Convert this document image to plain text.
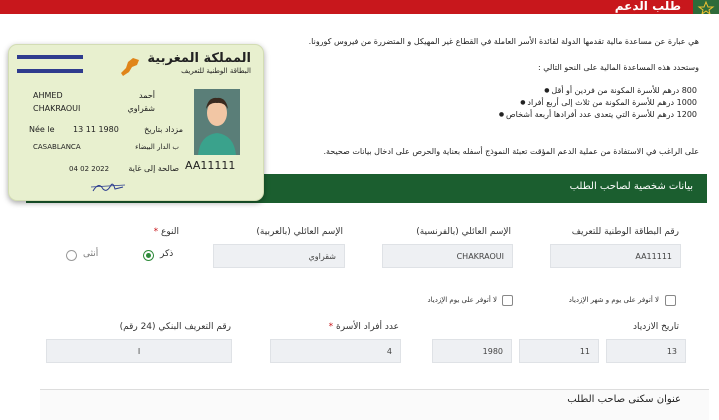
طلب الدعم
هي عبارة عن مساعدة مالية تقدمها الدولة لفائدة الأسر العاملة في القطاع غير المهيكل و المتضررة من فيروس كورونا.
وستحدد هذه المساعدة المالية على النحو التالي :
800 درهم للأسرة المكونة من فردين أو أقل ●
1000 درهم للأسرة المكونة من ثلاث إلى أربع أفراد ●
1200 درهم للأسرة التي يتعدى عدد أفرادها أربعة أشخاص ●
على الراغب في الاستفادة من عملية الدعم المؤقت تعبئة النموذج أسفله بعناية والحرص على ادخال بيانات صحيحة.
بيانات شخصية لصاحب الطلب
رقم البطاقة الوطنية للتعريف
الإسم العائلي (بالفرنسية)
الإسم العائلي (بالعربية)
النوع *
AA11111
CHAKRAOUI
شقراوي
ذكر
أنثى
لا أتوفر على يوم و شهر الإزدياد
لا أتوفر على يوم الإزدياد
تاريخ الازدياد
عدد أفراد الأسرة *
رقم التعريف البنكي (24 رقم)
13
11
1980
4
I
عنوان سكنى صاحب الطلب
المملكة المغربية
البطاقة الوطنية للتعريف
AHMED
CHAKRAOUI
أحمد
شقراوي
Née le 13 11 1980	مزداد بتاريخ
CASABLANCA	ب الدار البيضاء
04 02 2022 صالحة إلى غاية AA11111
